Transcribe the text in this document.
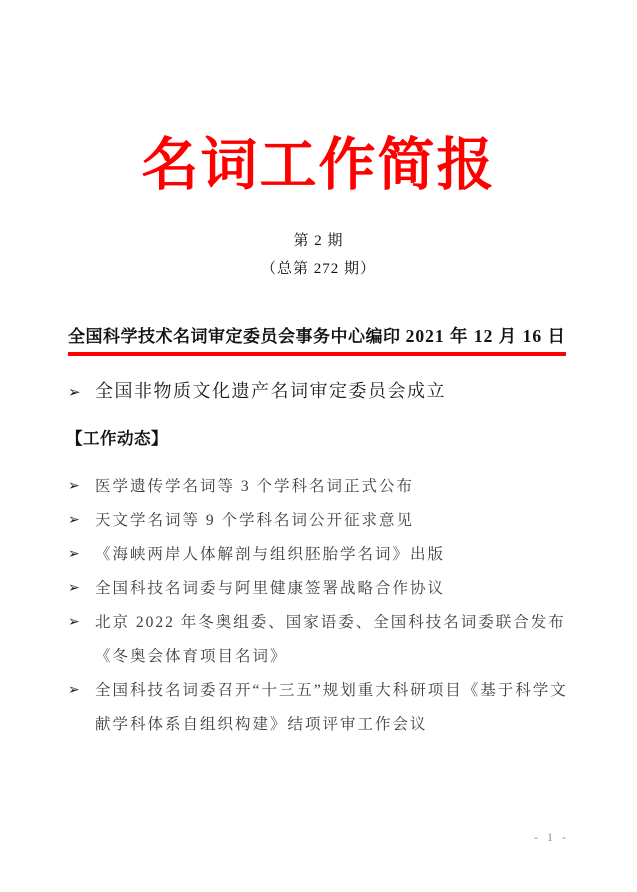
名词工作简报
第 2 期
（总第 272 期）
全国科学技术名词审定委员会事务中心编印 2021 年 12 月 16 日
➢ 全国非物质文化遗产名词审定委员会成立
【工作动态】
➢ 医学遗传学名词等 3 个学科名词正式公布
➢ 天文学名词等 9 个学科名词公开征求意见
➢ 《海峡两岸人体解剖与组织胚胎学名词》出版
➢ 全国科技名词委与阿里健康签署战略合作协议
➢ 北京 2022 年冬奥组委、国家语委、全国科技名词委联合发布《冬奥会体育项目名词》
➢ 全国科技名词委召开“十三五”规划重大科研项目《基于科学文献学科体系自组织构建》结项评审工作会议
- 1 -
